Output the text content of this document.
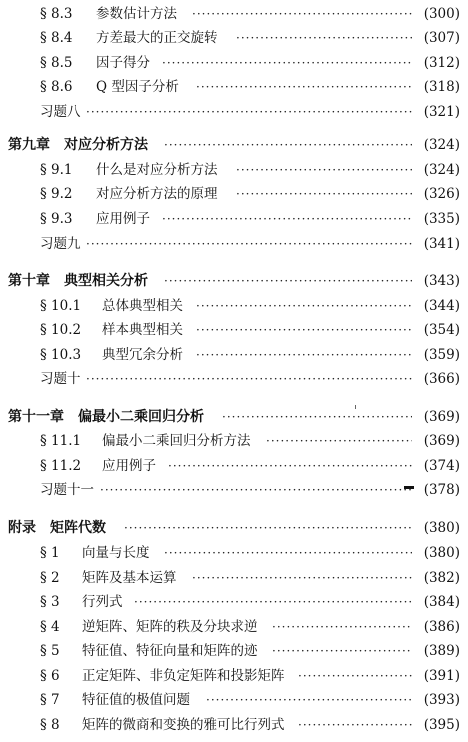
§ 8.3 参数估计方法 ·····	(300)
§ 8.4 方差最大的正交旋转 ·····	(307)
§ 8.5 因子得分 ·····	(312)
§ 8.6 Q 型因子分析 ·····	(318)
习题八 ·····	(321)
第九章　对应分析方法 ·····	(324)
§ 9.1 什么是对应分析方法 ·····	(324)
§ 9.2 对应分析方法的原理 ·····	(326)
§ 9.3 应用例子 ·····	(335)
习题九 ·····	(341)
第十章　典型相关分析 ·····	(343)
§ 10.1 总体典型相关 ·····	(344)
§ 10.2 样本典型相关 ·····	(354)
§ 10.3 典型冗余分析 ·····	(359)
习题十 ·····	(366)
第十一章　偏最小二乘回归分析 ·····	(369)
§ 11.1 偏最小二乘回归分析方法 ·····	(369)
§ 11.2 应用例子 ·····	(374)
习题十一 ·····	(378)
附录　矩阵代数 ·····	(380)
§ 1 向量与长度 ·····	(380)
§ 2 矩阵及基本运算 ·····	(382)
§ 3 行列式 ·····	(384)
§ 4 逆矩阵、矩阵的秩及分块求逆 ·····	(386)
§ 5 特征值、特征向量和矩阵的迹 ·····	(389)
§ 6 正定矩阵、非负定矩阵和投影矩阵 ·····	(391)
§ 7 特征值的极值问题 ·····	(393)
§ 8 矩阵的微商和变换的雅可比行列式 ·····	(395)
